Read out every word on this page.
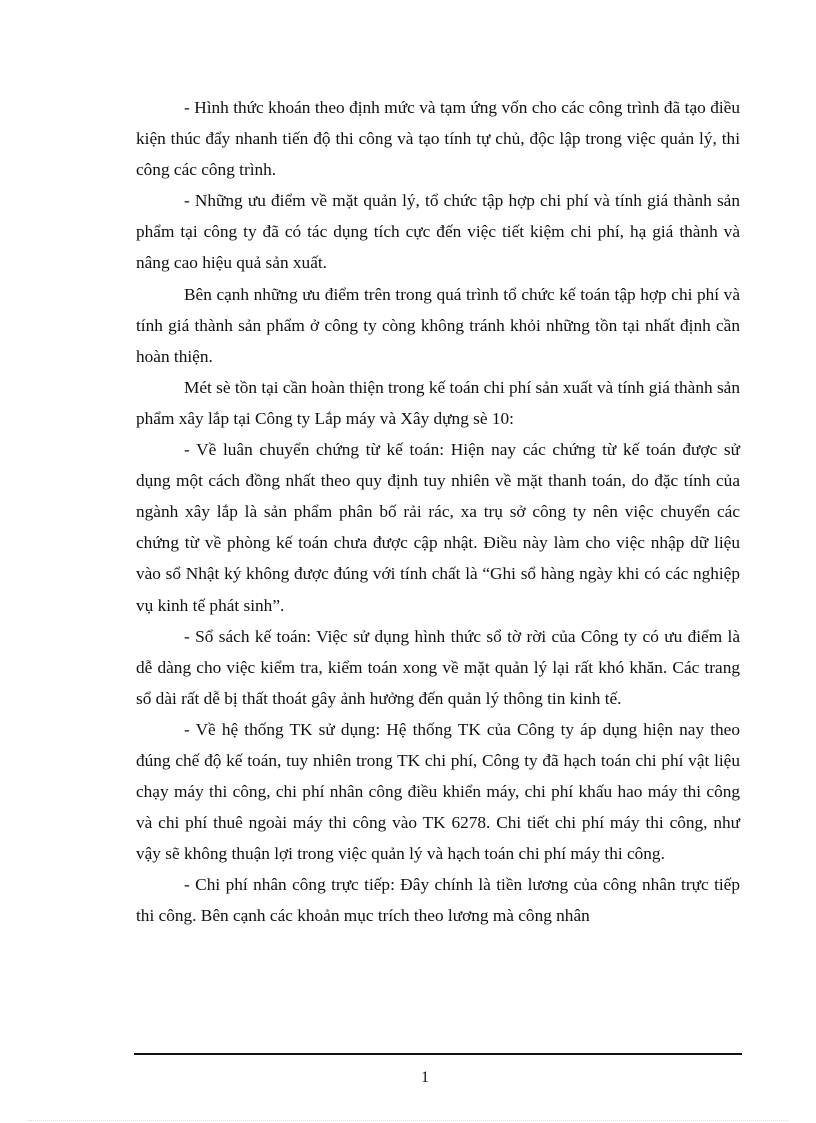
- Hình thức khoán theo định mức và tạm ứng vốn cho các công trình đã tạo điều kiện thúc đẩy nhanh tiến độ thi công và tạo tính tự chủ, độc lập trong việc quản lý, thi công các công trình.

- Những ưu điểm về mặt quản lý, tổ chức tập hợp chi phí và tính giá thành sản phẩm tại công ty đã có tác dụng tích cực đến việc tiết kiệm chi phí, hạ giá thành và nâng cao hiệu quả sản xuất.

Bên cạnh những ưu điểm trên trong quá trình tổ chức kế toán tập hợp chi phí và tính giá thành sản phẩm ở công ty còng không tránh khỏi những tồn tại nhất định cần hoàn thiện.

Mét sè tồn tại cần hoàn thiện trong kế toán chi phí sản xuất và tính giá thành sản phẩm xây lắp tại Công ty Lắp máy và Xây dựng sè 10:

- Về luân chuyển chứng từ kế toán: Hiện nay các chứng từ kế toán được sử dụng một cách đồng nhất theo quy định tuy nhiên về mặt thanh toán, do đặc tính của ngành xây lắp là sản phẩm phân bố rải rác, xa trụ sở công ty nên việc chuyển các chứng từ về phòng kế toán chưa được cập nhật. Điều này làm cho việc nhập dữ liệu vào sổ Nhật ký không được đúng với tính chất là “Ghi sổ hàng ngày khi có các nghiệp vụ kinh tế phát sinh”.

- Sổ sách kế toán: Việc sử dụng hình thức sổ tờ rời của Công ty có ưu điểm là dễ dàng cho việc kiểm tra, kiểm toán xong về mặt quản lý lại rất khó khăn. Các trang sổ dài rất dễ bị thất thoát gây ảnh hưởng đến quản lý thông tin kinh tế.

- Về hệ thống TK sử dụng: Hệ thống TK của Công ty áp dụng hiện nay theo đúng chế độ kế toán, tuy nhiên trong TK chi phí, Công ty đã hạch toán chi phí vật liệu chạy máy thi công, chi phí nhân công điều khiển máy, chi phí khấu hao máy thi công và chi phí thuê ngoài máy thi công vào TK 6278. Chi tiết chi phí máy thi công, như vậy sẽ không thuận lợi trong việc quản lý và hạch toán chi phí máy thi công.

- Chi phí nhân công trực tiếp: Đây chính là tiền lương của công nhân trực tiếp thi công. Bên cạnh các khoản mục trích theo lương mà công nhân

1
